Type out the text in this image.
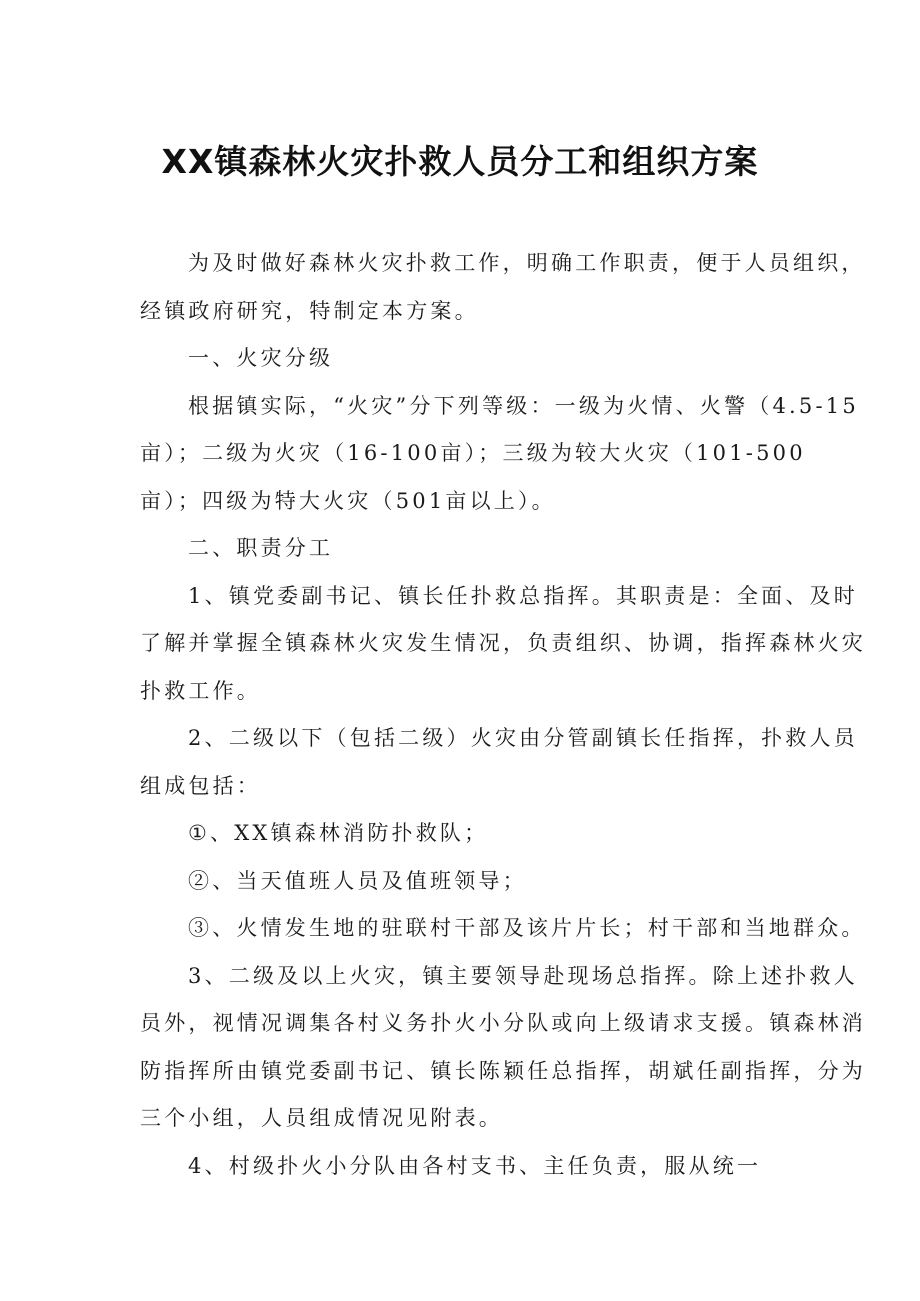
XX镇森林火灾扑救人员分工和组织方案

为及时做好森林火灾扑救工作，明确工作职责，便于人员组织，

经镇政府研究，特制定本方案。

一、火灾分级

根据镇实际，“火灾”分下列等级：一级为火情、火警（4.5-15

亩）；二级为火灾（16-100亩）；三级为较大火灾（101-500

亩）；四级为特大火灾（501亩以上）。

二、职责分工

1、镇党委副书记、镇长任扑救总指挥。其职责是：全面、及时

了解并掌握全镇森林火灾发生情况，负责组织、协调，指挥森林火灾

扑救工作。

2、二级以下（包括二级）火灾由分管副镇长任指挥，扑救人员

组成包括：

①、XX镇森林消防扑救队；

②、当天值班人员及值班领导；

③、火情发生地的驻联村干部及该片片长；村干部和当地群众。

3、二级及以上火灾，镇主要领导赴现场总指挥。除上述扑救人

员外，视情况调集各村义务扑火小分队或向上级请求支援。镇森林消

防指挥所由镇党委副书记、镇长陈颖任总指挥，胡斌任副指挥，分为

三个小组，人员组成情况见附表。

4、村级扑火小分队由各村支书、主任负责，服从统一
